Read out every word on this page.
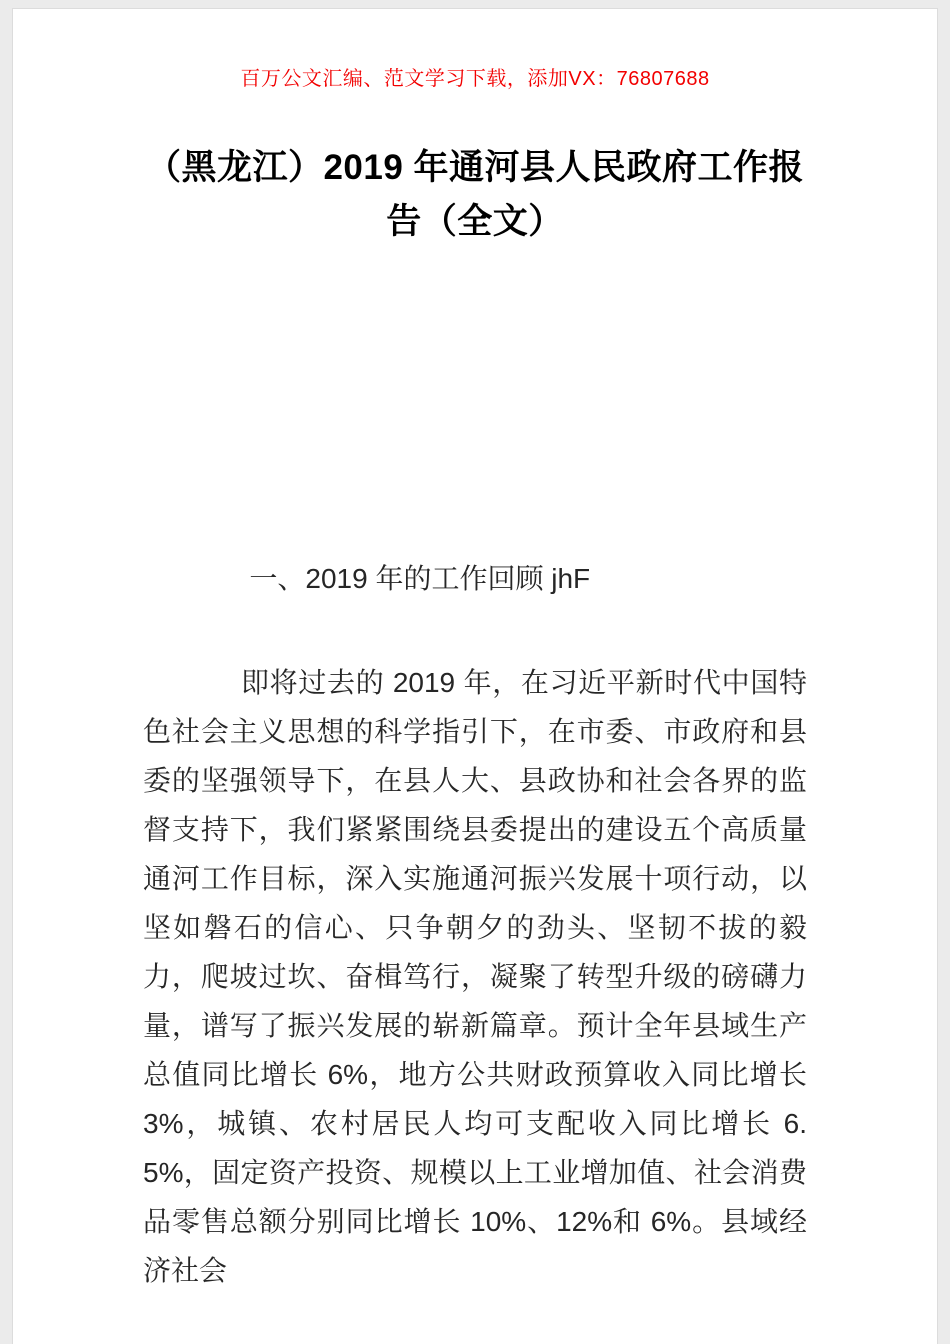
百万公文汇编、范文学习下载，添加VX：76807688
（黑龙江）2019 年通河县人民政府工作报告（全文）
一、2019 年的工作回顾 jhF

即将过去的 2019 年，在习近平新时代中国特色社会主义思想的科学指引下，在市委、市政府和县委的坚强领导下，在县人大、县政协和社会各界的监督支持下，我们紧紧围绕县委提出的建设五个高质量通河工作目标，深入实施通河振兴发展十项行动，以坚如磐石的信心、只争朝夕的劲头、坚韧不拔的毅力，爬坡过坎、奋楫笃行，凝聚了转型升级的磅礴力量，谱写了振兴发展的崭新篇章。预计全年县域生产总值同比增长 6%，地方公共财政预算收入同比增长 3%，城镇、农村居民人均可支配收入同比增长 6.5%，固定资产投资、规模以上工业增加值、社会消费品零售总额分别同比增长 10%、12%和 6%。县域经济社会
